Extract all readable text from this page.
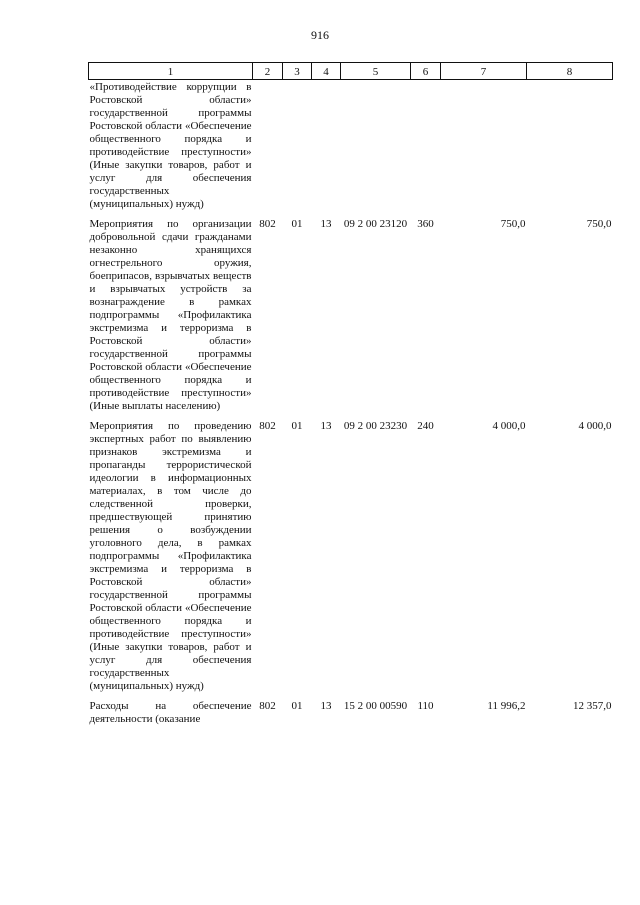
916
1	2	3	4	5	6	7	8
«Противодействие коррупции в Ростовской области» государственной программы Ростовской области «Обеспечение общественного порядка и противодействие преступности» (Иные закупки товаров, работ и услуг для обеспечения государственных (муниципальных) нужд)							
Мероприятия по организации добровольной сдачи гражданами незаконно хранящихся огнестрельного оружия, боеприпасов, взрывчатых веществ и взрывчатых устройств за вознаграждение в рамках подпрограммы «Профилактика экстремизма и терроризма в Ростовской области» государственной программы Ростовской области «Обеспечение общественного порядка и противодействие преступности» (Иные выплаты населению)	802	01	13	09 2 00 23120	360	750,0	750,0
Мероприятия по проведению экспертных работ по выявлению признаков экстремизма и пропаганды террористической идеологии в информационных материалах, в том числе до следственной проверки, предшествующей принятию решения о возбуждении уголовного дела, в рамках подпрограммы «Профилактика экстремизма и терроризма в Ростовской области» государственной программы Ростовской области «Обеспечение общественного порядка и противодействие преступности» (Иные закупки товаров, работ и услуг для обеспечения государственных (муниципальных) нужд)	802	01	13	09 2 00 23230	240	4 000,0	4 000,0
Расходы на обеспечение деятельности (оказание	802	01	13	15 2 00 00590	110	11 996,2	12 357,0
